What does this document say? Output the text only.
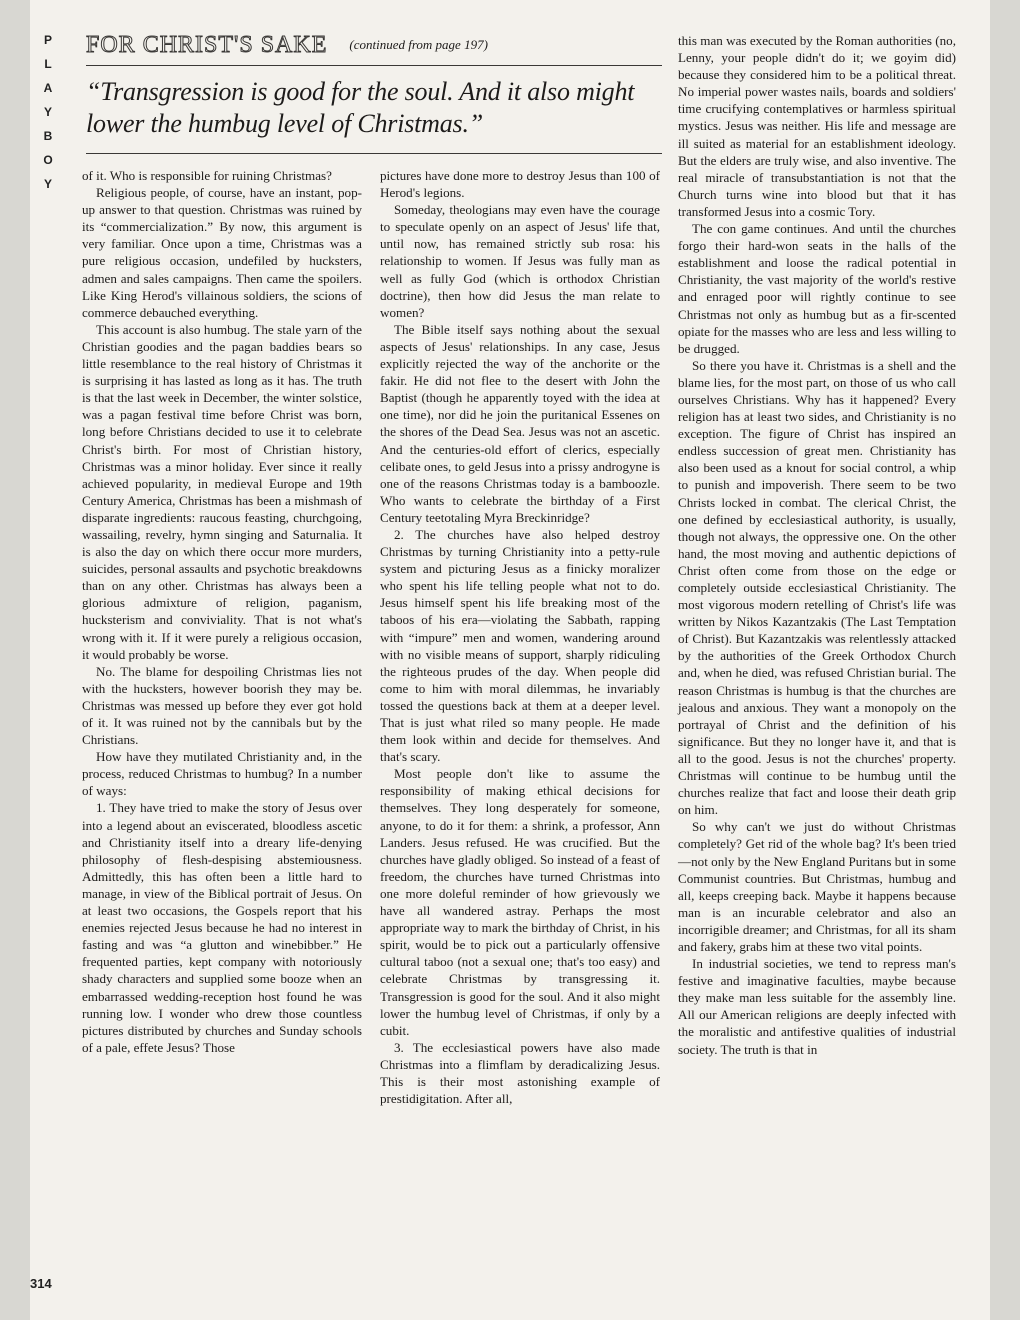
P
L
A
Y
B
O
Y
FOR CHRIST'S SAKE (continued from page 197)
“Transgression is good for the soul. And it also might lower the humbug level of Christmas.”

of it. Who is responsible for ruining Christmas?

Religious people, of course, have an instant, pop-up answer to that question. Christmas was ruined by its “commercialization.” By now, this argument is very familiar. Once upon a time, Christmas was a pure religious occasion, undefiled by hucksters, admen and sales campaigns. Then came the spoilers. Like King Herod's villainous soldiers, the scions of commerce debauched everything.

This account is also humbug. The stale yarn of the Christian goodies and the pagan baddies bears so little resemblance to the real history of Christmas it is surprising it has lasted as long as it has. The truth is that the last week in December, the winter solstice, was a pagan festival time before Christ was born, long before Christians decided to use it to celebrate Christ's birth. For most of Christian history, Christmas was a minor holiday. Ever since it really achieved popularity, in medieval Europe and 19th Century America, Christmas has been a mishmash of disparate ingredients: raucous feasting, churchgoing, wassailing, revelry, hymn singing and Saturnalia. It is also the day on which there occur more murders, suicides, personal assaults and psychotic breakdowns than on any other. Christmas has always been a glorious admixture of religion, paganism, hucksterism and conviviality. That is not what's wrong with it. If it were purely a religious occasion, it would probably be worse.

No. The blame for despoiling Christmas lies not with the hucksters, however boorish they may be. Christmas was messed up before they ever got hold of it. It was ruined not by the cannibals but by the Christians.

How have they mutilated Christianity and, in the process, reduced Christmas to humbug? In a number of ways:

1. They have tried to make the story of Jesus over into a legend about an eviscerated, bloodless ascetic and Christianity itself into a dreary life-denying philosophy of flesh-despising abstemiousness. Admittedly, this has often been a little hard to manage, in view of the Biblical portrait of Jesus. On at least two occasions, the Gospels report that his enemies rejected Jesus because he had no interest in fasting and was “a glutton and winebibber.” He frequented parties, kept company with notoriously shady characters and supplied some booze when an embarrassed wedding-reception host found he was running low. I wonder who drew those countless pictures distributed by churches and Sunday schools of a pale, effete Jesus? Those

pictures have done more to destroy Jesus than 100 of Herod's legions.

Someday, theologians may even have the courage to speculate openly on an aspect of Jesus' life that, until now, has remained strictly sub rosa: his relationship to women. If Jesus was fully man as well as fully God (which is orthodox Christian doctrine), then how did Jesus the man relate to women?

The Bible itself says nothing about the sexual aspects of Jesus' relationships. In any case, Jesus explicitly rejected the way of the anchorite or the fakir. He did not flee to the desert with John the Baptist (though he apparently toyed with the idea at one time), nor did he join the puritanical Essenes on the shores of the Dead Sea. Jesus was not an ascetic. And the centuries-old effort of clerics, especially celibate ones, to geld Jesus into a prissy androgyne is one of the reasons Christmas today is a bamboozle. Who wants to celebrate the birthday of a First Century teetotaling Myra Breckinridge?

2. The churches have also helped destroy Christmas by turning Christianity into a petty-rule system and picturing Jesus as a finicky moralizer who spent his life telling people what not to do. Jesus himself spent his life breaking most of the taboos of his era—violating the Sabbath, rapping with “impure” men and women, wandering around with no visible means of support, sharply ridiculing the righteous prudes of the day. When people did come to him with moral dilemmas, he invariably tossed the questions back at them at a deeper level. That is just what riled so many people. He made them look within and decide for themselves. And that's scary.

Most people don't like to assume the responsibility of making ethical decisions for themselves. They long desperately for someone, anyone, to do it for them: a shrink, a professor, Ann Landers. Jesus refused. He was crucified. But the churches have gladly obliged. So instead of a feast of freedom, the churches have turned Christmas into one more doleful reminder of how grievously we have all wandered astray. Perhaps the most appropriate way to mark the birthday of Christ, in his spirit, would be to pick out a particularly offensive cultural taboo (not a sexual one; that's too easy) and celebrate Christmas by transgressing it. Transgression is good for the soul. And it also might lower the humbug level of Christmas, if only by a cubit.

3. The ecclesiastical powers have also made Christmas into a flimflam by deradicalizing Jesus. This is their most astonishing example of prestidigitation. After all,

this man was executed by the Roman authorities (no, Lenny, your people didn't do it; we goyim did) because they considered him to be a political threat. No imperial power wastes nails, boards and soldiers' time crucifying contemplatives or harmless spiritual mystics. Jesus was neither. His life and message are ill suited as material for an establishment ideology. But the elders are truly wise, and also inventive. The real miracle of transubstantiation is not that the Church turns wine into blood but that it has transformed Jesus into a cosmic Tory.

The con game continues. And until the churches forgo their hard-won seats in the halls of the establishment and loose the radical potential in Christianity, the vast majority of the world's restive and enraged poor will rightly continue to see Christmas not only as humbug but as a fir-scented opiate for the masses who are less and less willing to be drugged.

So there you have it. Christmas is a shell and the blame lies, for the most part, on those of us who call ourselves Christians. Why has it happened? Every religion has at least two sides, and Christianity is no exception. The figure of Christ has inspired an endless succession of great men. Christianity has also been used as a knout for social control, a whip to punish and impoverish. There seem to be two Christs locked in combat. The clerical Christ, the one defined by ecclesiastical authority, is usually, though not always, the oppressive one. On the other hand, the most moving and authentic depictions of Christ often come from those on the edge or completely outside ecclesiastical Christianity. The most vigorous modern retelling of Christ's life was written by Nikos Kazantzakis (The Last Temptation of Christ). But Kazantzakis was relentlessly attacked by the authorities of the Greek Orthodox Church and, when he died, was refused Christian burial. The reason Christmas is humbug is that the churches are jealous and anxious. They want a monopoly on the portrayal of Christ and the definition of his significance. But they no longer have it, and that is all to the good. Jesus is not the churches' property. Christmas will continue to be humbug until the churches realize that fact and loose their death grip on him.

So why can't we just do without Christmas completely? Get rid of the whole bag? It's been tried—not only by the New England Puritans but in some Communist countries. But Christmas, humbug and all, keeps creeping back. Maybe it happens because man is an incurable celebrator and also an incorrigible dreamer; and Christmas, for all its sham and fakery, grabs him at these two vital points.

In industrial societies, we tend to repress man's festive and imaginative faculties, maybe because they make man less suitable for the assembly line. All our American religions are deeply infected with the moralistic and antifestive qualities of industrial society. The truth is that in

314
